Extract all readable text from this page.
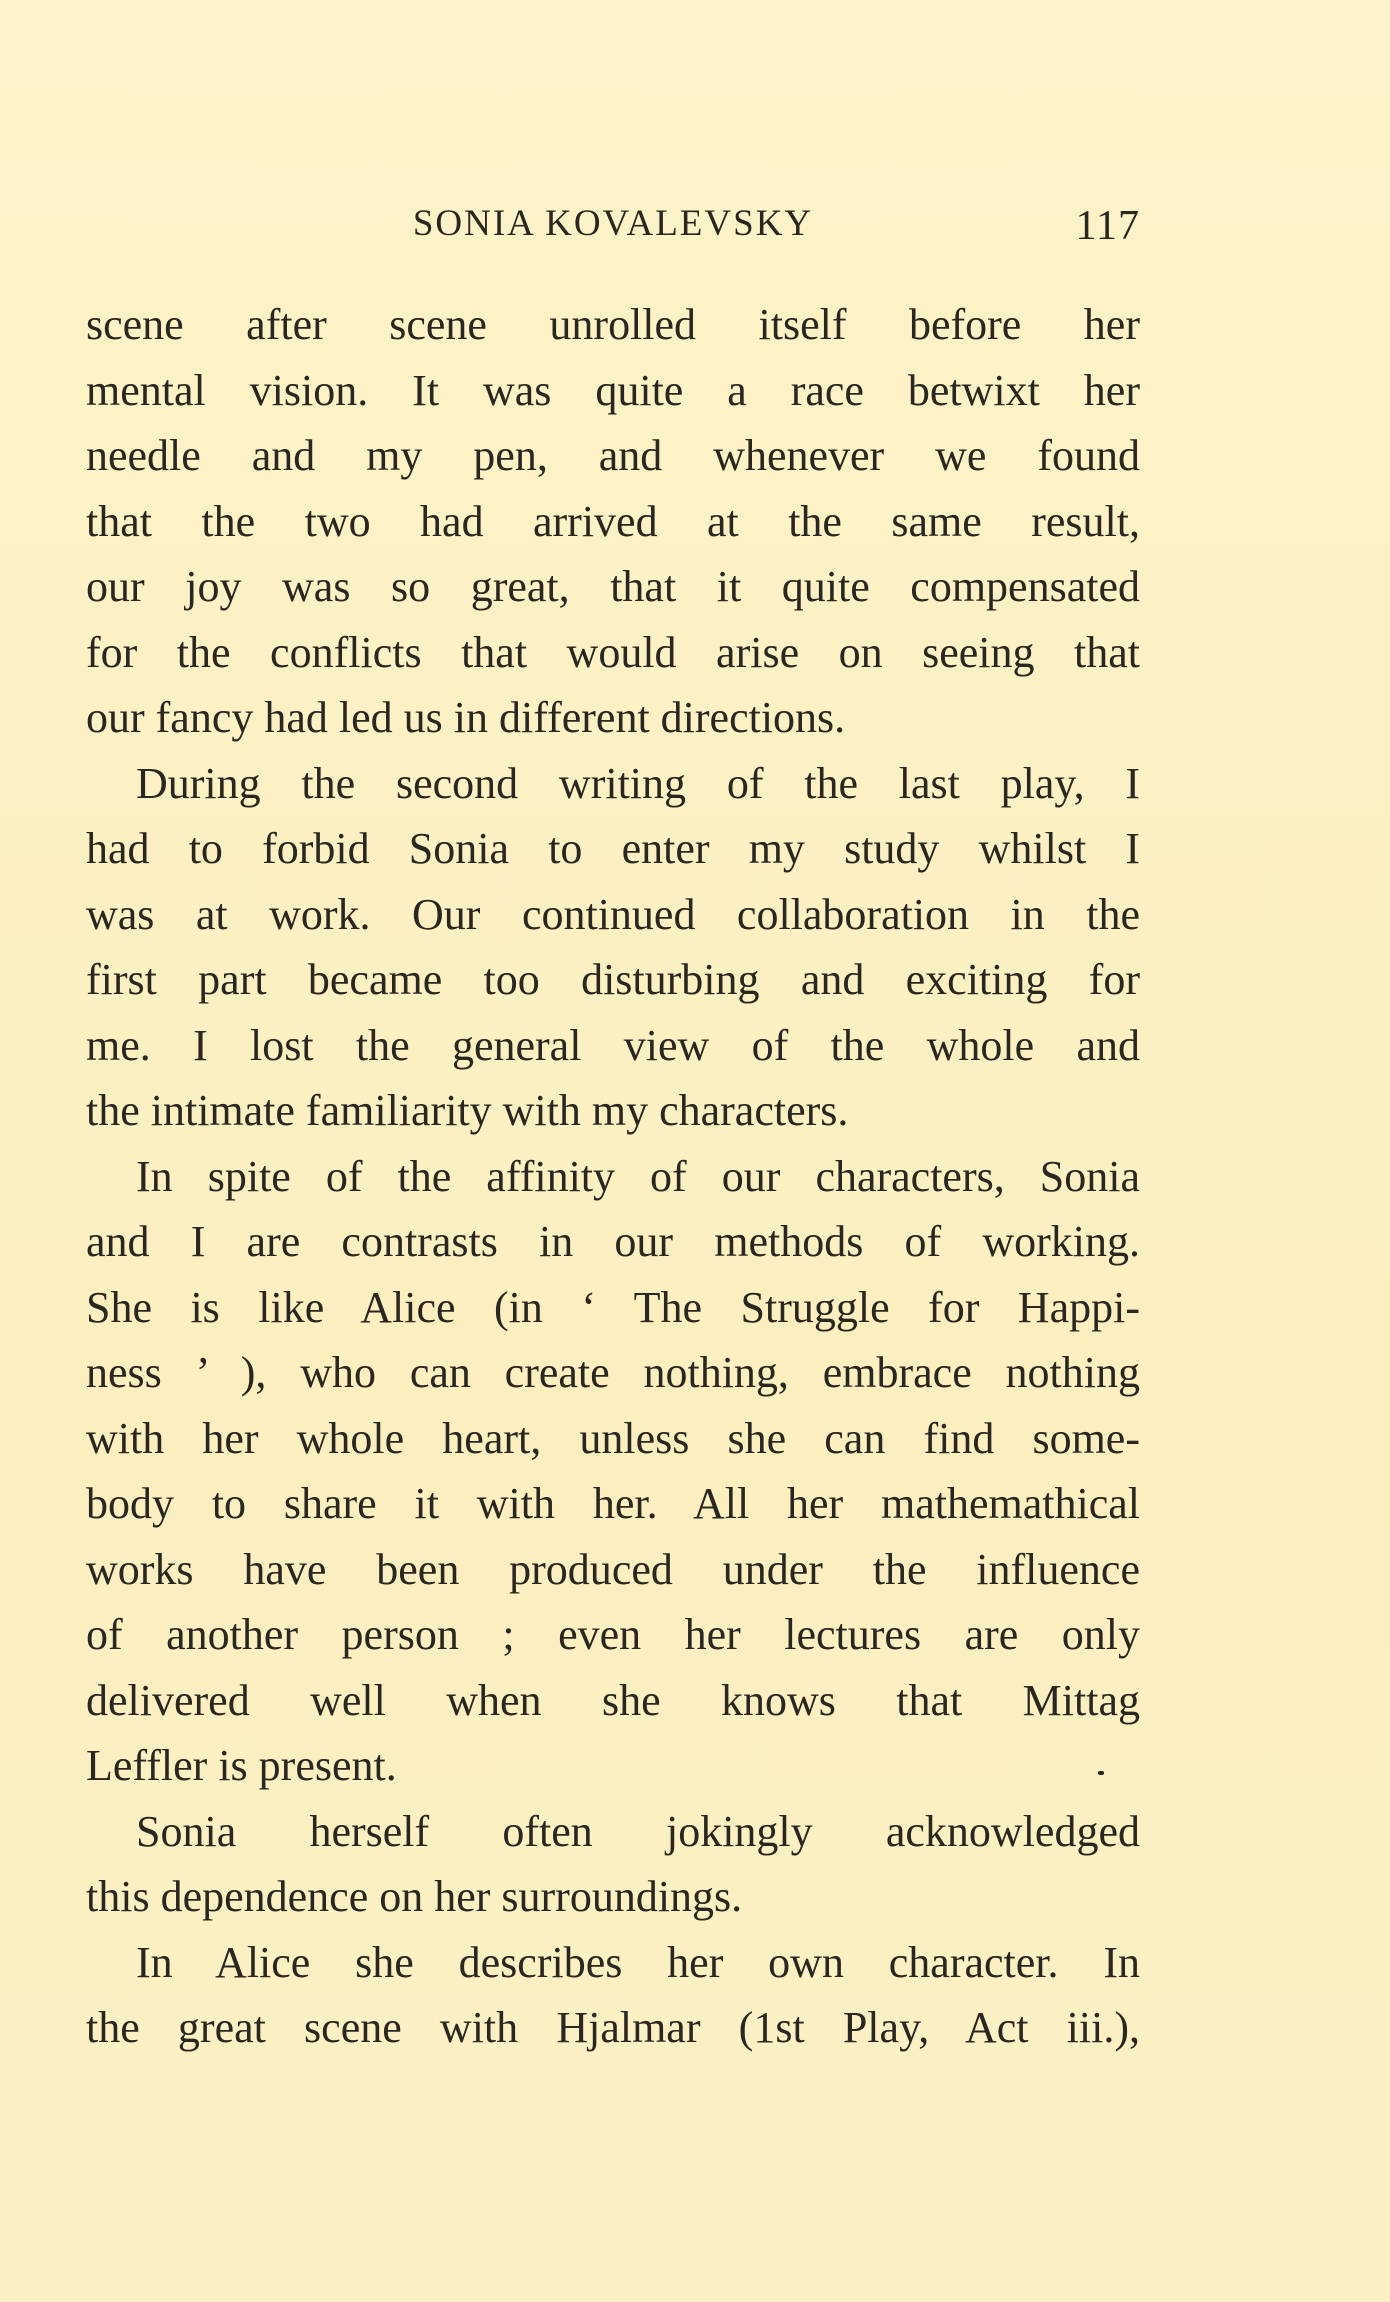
SONIA KOVALEVSKY	117
scene after scene unrolled itself before her
mental vision. It was quite a race betwixt her
needle and my pen, and whenever we found
that the two had arrived at the same result,
our joy was so great, that it quite compensated
for the conflicts that would arise on seeing that
our fancy had led us in different directions.
During the second writing of the last play, I
had to forbid Sonia to enter my study whilst I
was at work. Our continued collaboration in the
first part became too disturbing and exciting for
me. I lost the general view of the whole and
the intimate familiarity with my characters.
In spite of the affinity of our characters, Sonia
and I are contrasts in our methods of working.
She is like Alice (in ‘ The Struggle for Happi-
ness ’ ), who can create nothing, embrace nothing
with her whole heart, unless she can find some-
body to share it with her. All her mathemathical
works have been produced under the influence
of another person ; even her lectures are only
delivered well when she knows that Mittag
Leffler is present.
Sonia herself often jokingly acknowledged
this dependence on her surroundings.
In Alice she describes her own character. In
the great scene with Hjalmar (1st Play, Act iii.),
